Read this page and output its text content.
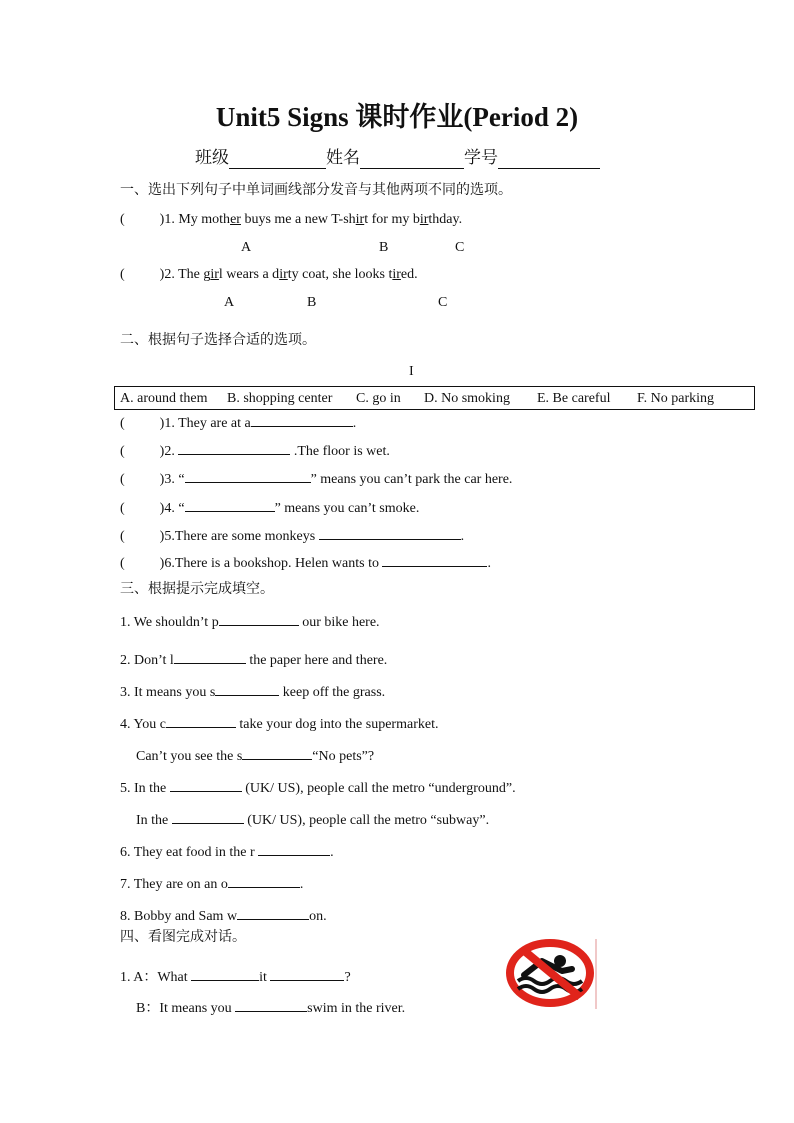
Unit5 Signs 课时作业(Period 2)
班级	姓名	学号
一、选出下列句子中单词画线部分发音与其他两项不同的选项。
(	)1. My mother buys me a new T-shirt for my birthday.
A	B	C
(	)2. The girl wears a dirty coat, she looks tired.
A	B	C
二、根据句子选择合适的选项。
I
A. around them B. shopping center C. go in D. No smoking E. Be careful F. No parking
(	)1. They are at a	.
(	)2.	.The floor is wet.
(	)3. “	” means you can’t park the car here.
(	)4. “	” means you can’t smoke.
(	)5.There are some monkeys	.
(	)6.There is a bookshop. Helen wants to	.
三、根据提示完成填空。
1. We shouldn’t p	our bike here.
2. Don’t l	the paper here and there.
3. It means you s	keep off the grass.
4. You c	take your dog into the supermarket.
Can’t you see the s	“No pets”?
5. In the	(UK/ US), people call the metro “underground”.
In the	(UK/ US), people call the metro “subway”.
6. They eat food in the r	.
7. They are on an o	.
8. Bobby and Sam w	on.
四、看图完成对话。
1. A：What	it	?
B：It means you	swim in the river.
